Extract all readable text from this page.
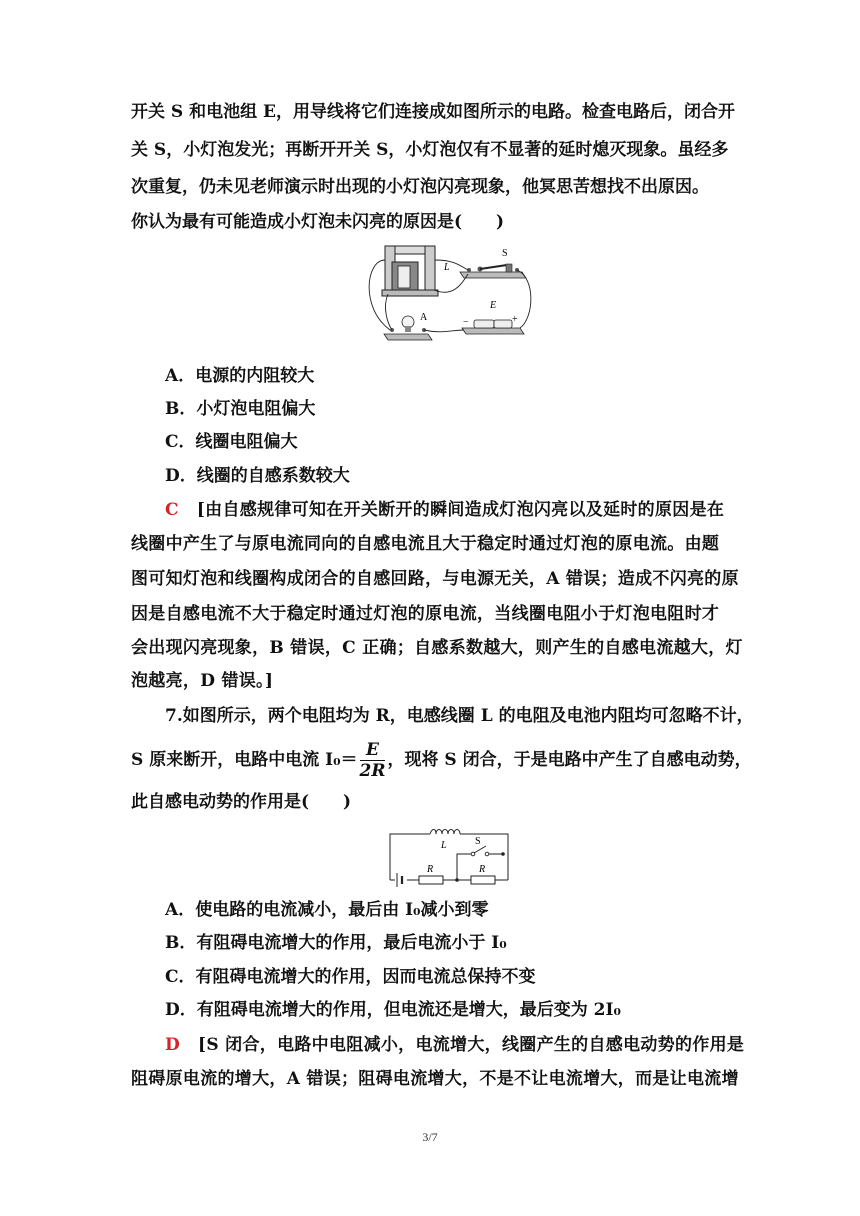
开关 S 和电池组 E，用导线将它们连接成如图所示的电路。检查电路后，闭合开
关 S，小灯泡发光；再断开开关 S，小灯泡仅有不显著的延时熄灭现象。虽经多
次重复，仍未见老师演示时出现的小灯泡闪亮现象，他冥思苦想找不出原因。
你认为最有可能造成小灯泡未闪亮的原因是(　　)
L
S
E
−	+
A
A．电源的内阻较大
B．小灯泡电阻偏大
C．线圈电阻偏大
D．线圈的自感系数较大
C [由自感规律可知在开关断开的瞬间造成灯泡闪亮以及延时的原因是在
线圈中产生了与原电流同向的自感电流且大于稳定时通过灯泡的原电流。由题
图可知灯泡和线圈构成闭合的自感回路，与电源无关，A 错误；造成不闪亮的原
因是自感电流不大于稳定时通过灯泡的原电流，当线圈电阻小于灯泡电阻时才
会出现闪亮现象，B 错误，C 正确；自感系数越大，则产生的自感电流越大，灯
泡越亮，D 错误。]
7.如图所示，两个电阻均为 R，电感线圈 L 的电阻及电池内阻均可忽略不计，
S 原来断开，电路中电流 $I_0= \frac{E}{2R}$ ，现将 S 闭合，于是电路中产生了自感电动势，
此自感电动势的作用是(　　)
L
R	R
S
A．使电路的电流减小，最后由 I₀减小到零
B．有阻碍电流增大的作用，最后电流小于 I₀
C．有阻碍电流增大的作用，因而电流总保持不变
D．有阻碍电流增大的作用，但电流还是增大，最后变为 2I₀
D [S 闭合，电路中电阻减小，电流增大，线圈产生的自感电动势的作用是
阻碍原电流的增大，A 错误；阻碍电流增大，不是不让电流增大，而是让电流增
3/7
